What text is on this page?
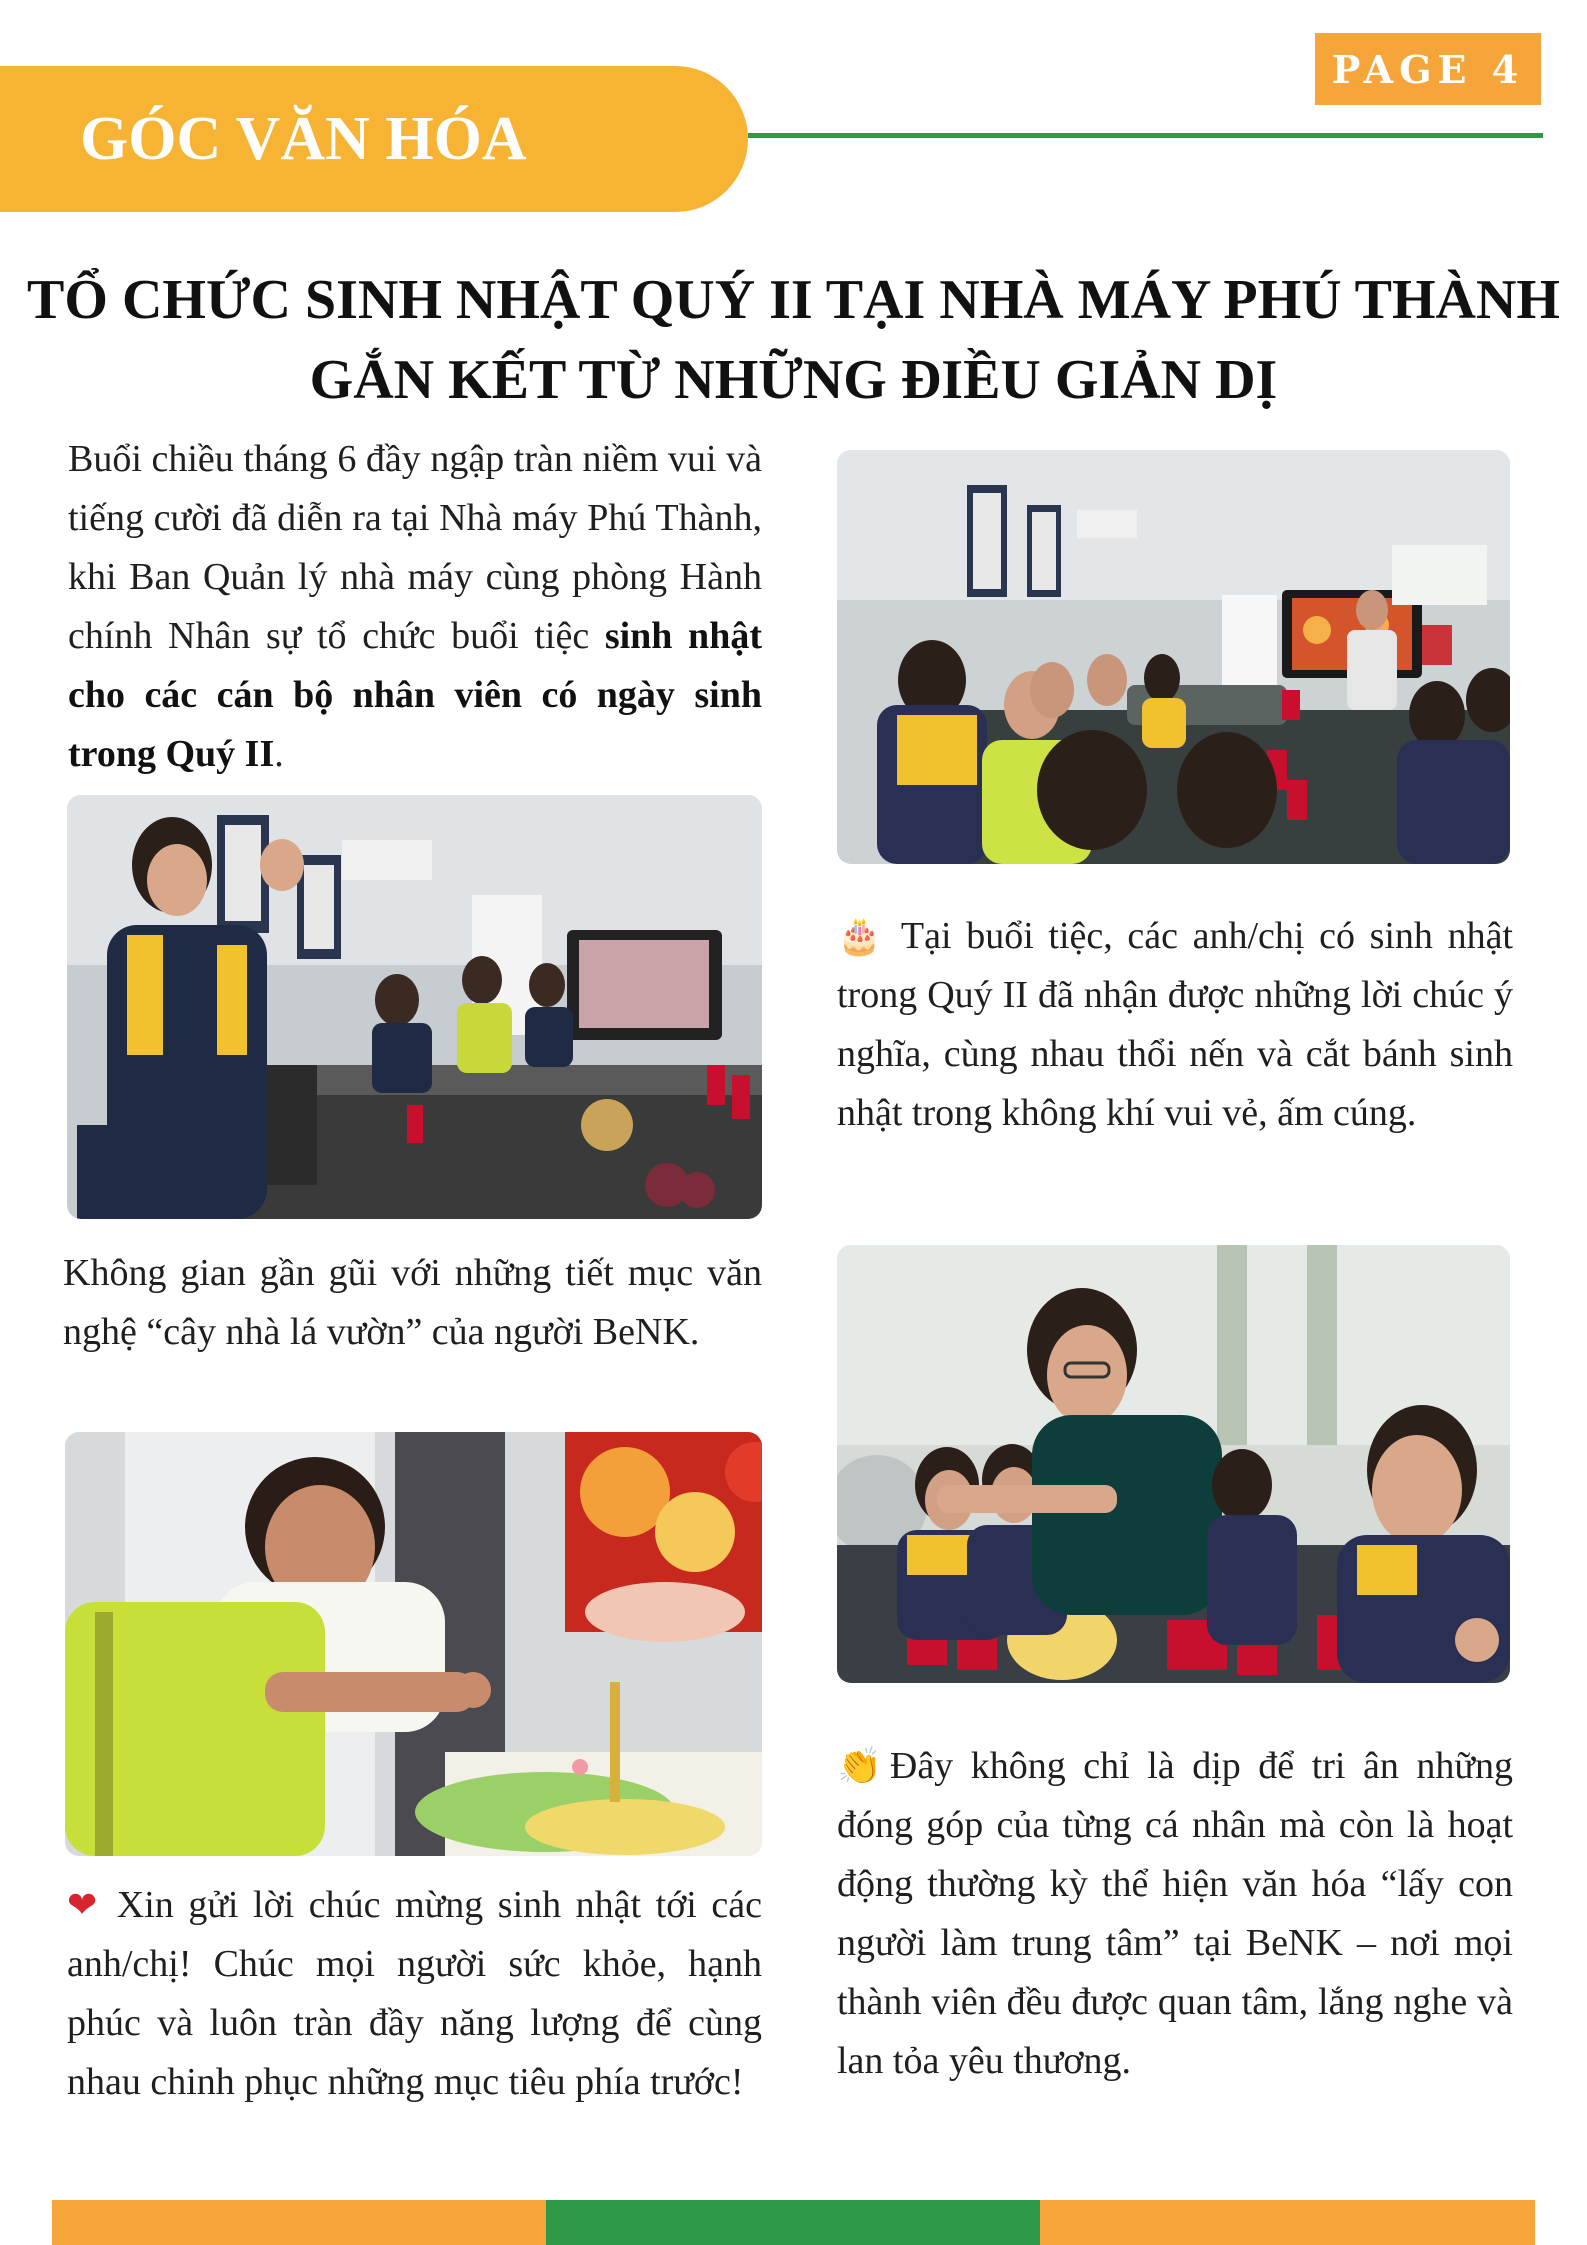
PAGE 4
GÓC VĂN HÓA
TỔ CHỨC SINH NHẬT QUÝ II TẠI NHÀ MÁY PHÚ THÀNH
GẮN KẾT TỪ NHỮNG ĐIỀU GIẢN DỊ

Buổi chiều tháng 6 đầy ngập tràn niềm vui và tiếng cười đã diễn ra tại Nhà máy Phú Thành, khi Ban Quản lý nhà máy cùng phòng Hành chính Nhân sự tổ chức buổi tiệc sinh nhật cho các cán bộ nhân viên có ngày sinh trong Quý II.

Không gian gần gũi với những tiết mục văn nghệ “cây nhà lá vườn” của người BeNK.

❤ Xin gửi lời chúc mừng sinh nhật tới các anh/chị! Chúc mọi người sức khỏe, hạnh phúc và luôn tràn đầy năng lượng để cùng nhau chinh phục những mục tiêu phía trước!

🎂 Tại buổi tiệc, các anh/chị có sinh nhật trong Quý II đã nhận được những lời chúc ý nghĩa, cùng nhau thổi nến và cắt bánh sinh nhật trong không khí vui vẻ, ấm cúng.

👏Đây không chỉ là dịp để tri ân những đóng góp của từng cá nhân mà còn là hoạt động thường kỳ thể hiện văn hóa “lấy con người làm trung tâm” tại BeNK – nơi mọi thành viên đều được quan tâm, lắng nghe và lan tỏa yêu thương.
